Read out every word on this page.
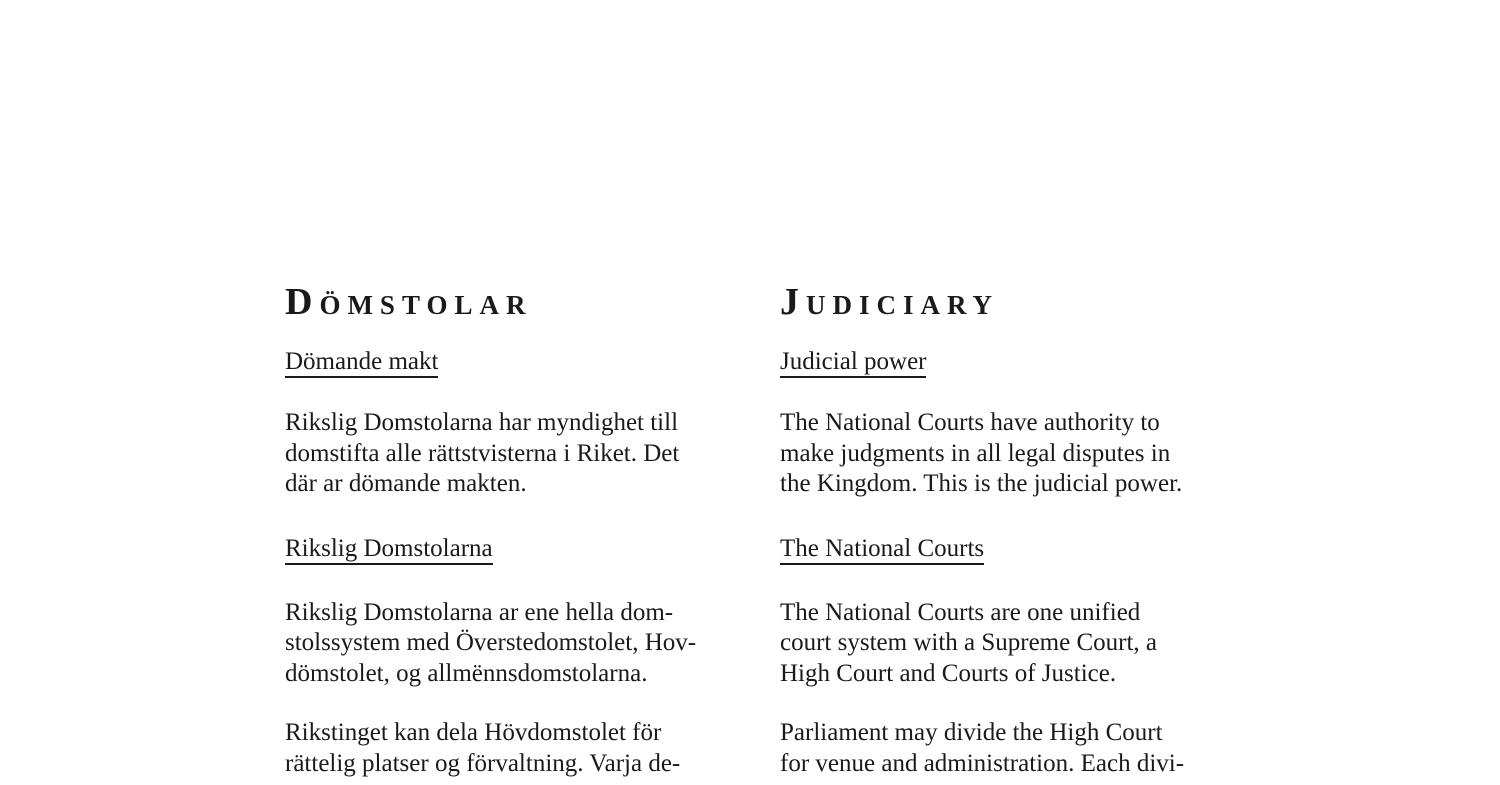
Dömstolar
Dömande makt

Rikslig Domstolarna har myndighet till
domstifta alle rättstvisterna i Riket. Det
där ar dömande makten.

Rikslig Domstolarna

Rikslig Domstolarna ar ene hella dom-
stolssystem med Överstedomstolet, Hov-
dömstolet, og allmënnsdomstolarna.

Rikstinget kan dela Hövdomstolet för
rättelig platser og förvaltning. Varja de-

Judiciary
Judicial power

The National Courts have authority to
make judgments in all legal disputes in
the Kingdom. This is the judicial power.

The National Courts

The National Courts are one unified
court system with a Supreme Court, a
High Court and Courts of Justice.

Parliament may divide the High Court
for venue and administration. Each divi-
